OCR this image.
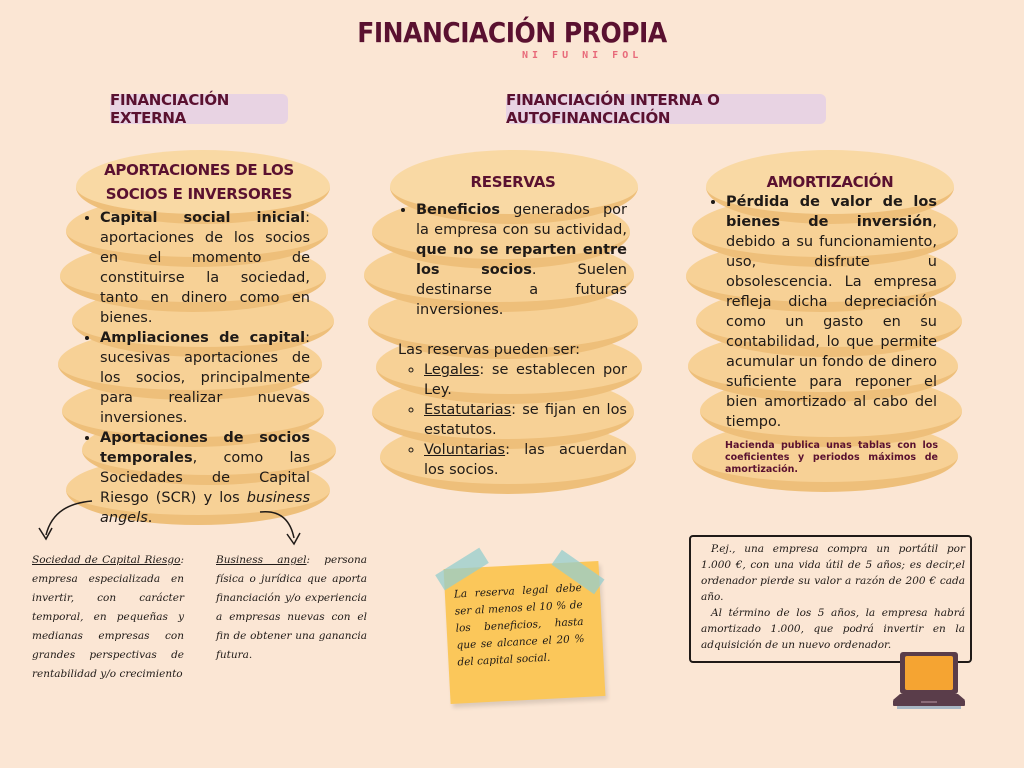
FINANCIACIÓN PROPIA
NI FU NI FOL
FINANCIACIÓN EXTERNA
FINANCIACIÓN INTERNA O AUTOFINANCIACIÓN
APORTACIONES DE LOS SOCIOS E INVERSORES
• Capital social inicial: aportaciones de los socios en el momento de constituirse la sociedad, tanto en dinero como en bienes.
• Ampliaciones de capital: sucesivas aportaciones de los socios, principalmente para realizar nuevas inversiones.
• Aportaciones de socios temporales, como las Sociedades de Capital Riesgo (SCR) y los business angels.
RESERVAS
• Beneficios generados por la empresa con su actividad, que no se reparten entre los socios. Suelen destinarse a futuras inversiones.
Las reservas pueden ser:
◦ Legales: se establecen por Ley.
◦ Estatutarias: se fijan en los estatutos.
◦ Voluntarias: las acuerdan los socios.
AMORTIZACIÓN
• Pérdida de valor de los bienes de inversión, debido a su funcionamiento, uso, disfrute u obsolescencia. La empresa refleja dicha depreciación como un gasto en su contabilidad, lo que permite acumular un fondo de dinero suficiente para reponer el bien amortizado al cabo del tiempo.
Hacienda publica unas tablas con los coeficientes y periodos máximos de amortización.
Sociedad de Capital Riesgo: empresa especializada en invertir, con carácter temporal, en pequeñas y medianas empresas con grandes perspectivas de rentabilidad y/o crecimiento
Business angel: persona física o jurídica que aporta financiación y/o experiencia a empresas nuevas con el fin de obtener una ganancia futura.
La reserva legal debe ser al menos el 10 % de los beneficios, hasta que se alcance el 20 % del capital social.
P.ej., una empresa compra un portátil por 1.000 €, con una vida útil de 5 años; es decir,el ordenador pierde su valor a razón de 200 € cada año.
Al término de los 5 años, la empresa habrá amortizado 1.000, que podrá invertir en la adquisición de un nuevo ordenador.
